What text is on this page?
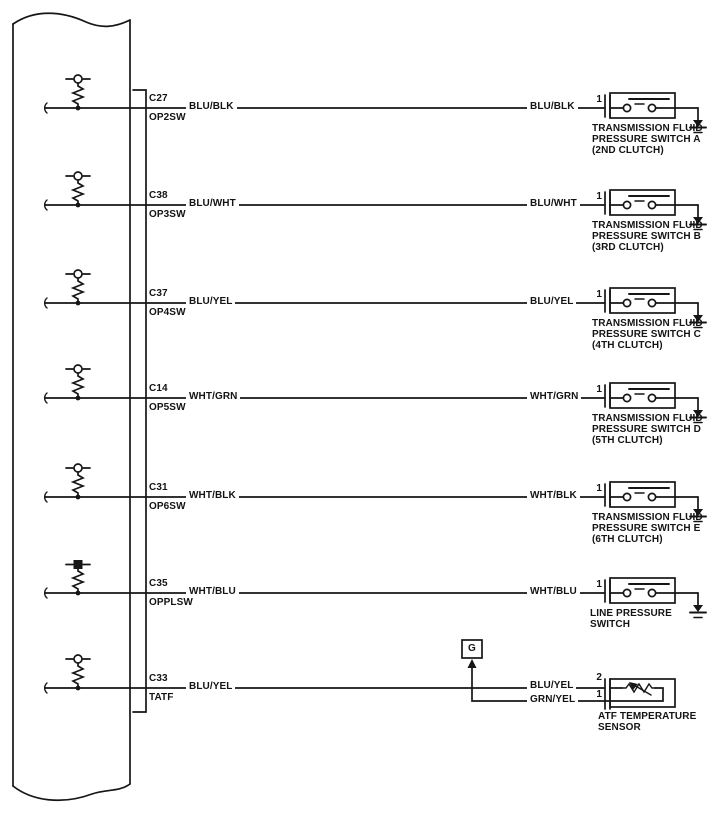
C27
OP2SW
BLU/BLK	BLU/BLK
1
TRANSMISSION FLUID
PRESSURE SWITCH A
(2ND CLUTCH)
C38
OP3SW
BLU/WHT	BLU/WHT
1
TRANSMISSION FLUID
PRESSURE SWITCH B
(3RD CLUTCH)
C37
OP4SW
BLU/YEL	BLU/YEL
1
TRANSMISSION FLUID
PRESSURE SWITCH C
(4TH CLUTCH)
C14
OP5SW
WHT/GRN	WHT/GRN
1
TRANSMISSION FLUID
PRESSURE SWITCH D
(5TH CLUTCH)
C31
OP6SW
WHT/BLK	WHT/BLK
1
TRANSMISSION FLUID
PRESSURE SWITCH E
(6TH CLUTCH)
C35
OPPLSW
WHT/BLU	WHT/BLU
1
LINE PRESSURE
SWITCH
C33
TATF
BLU/YEL	BLU/YEL
GRN/YEL
2
1
G
ATF TEMPERATURE
SENSOR
